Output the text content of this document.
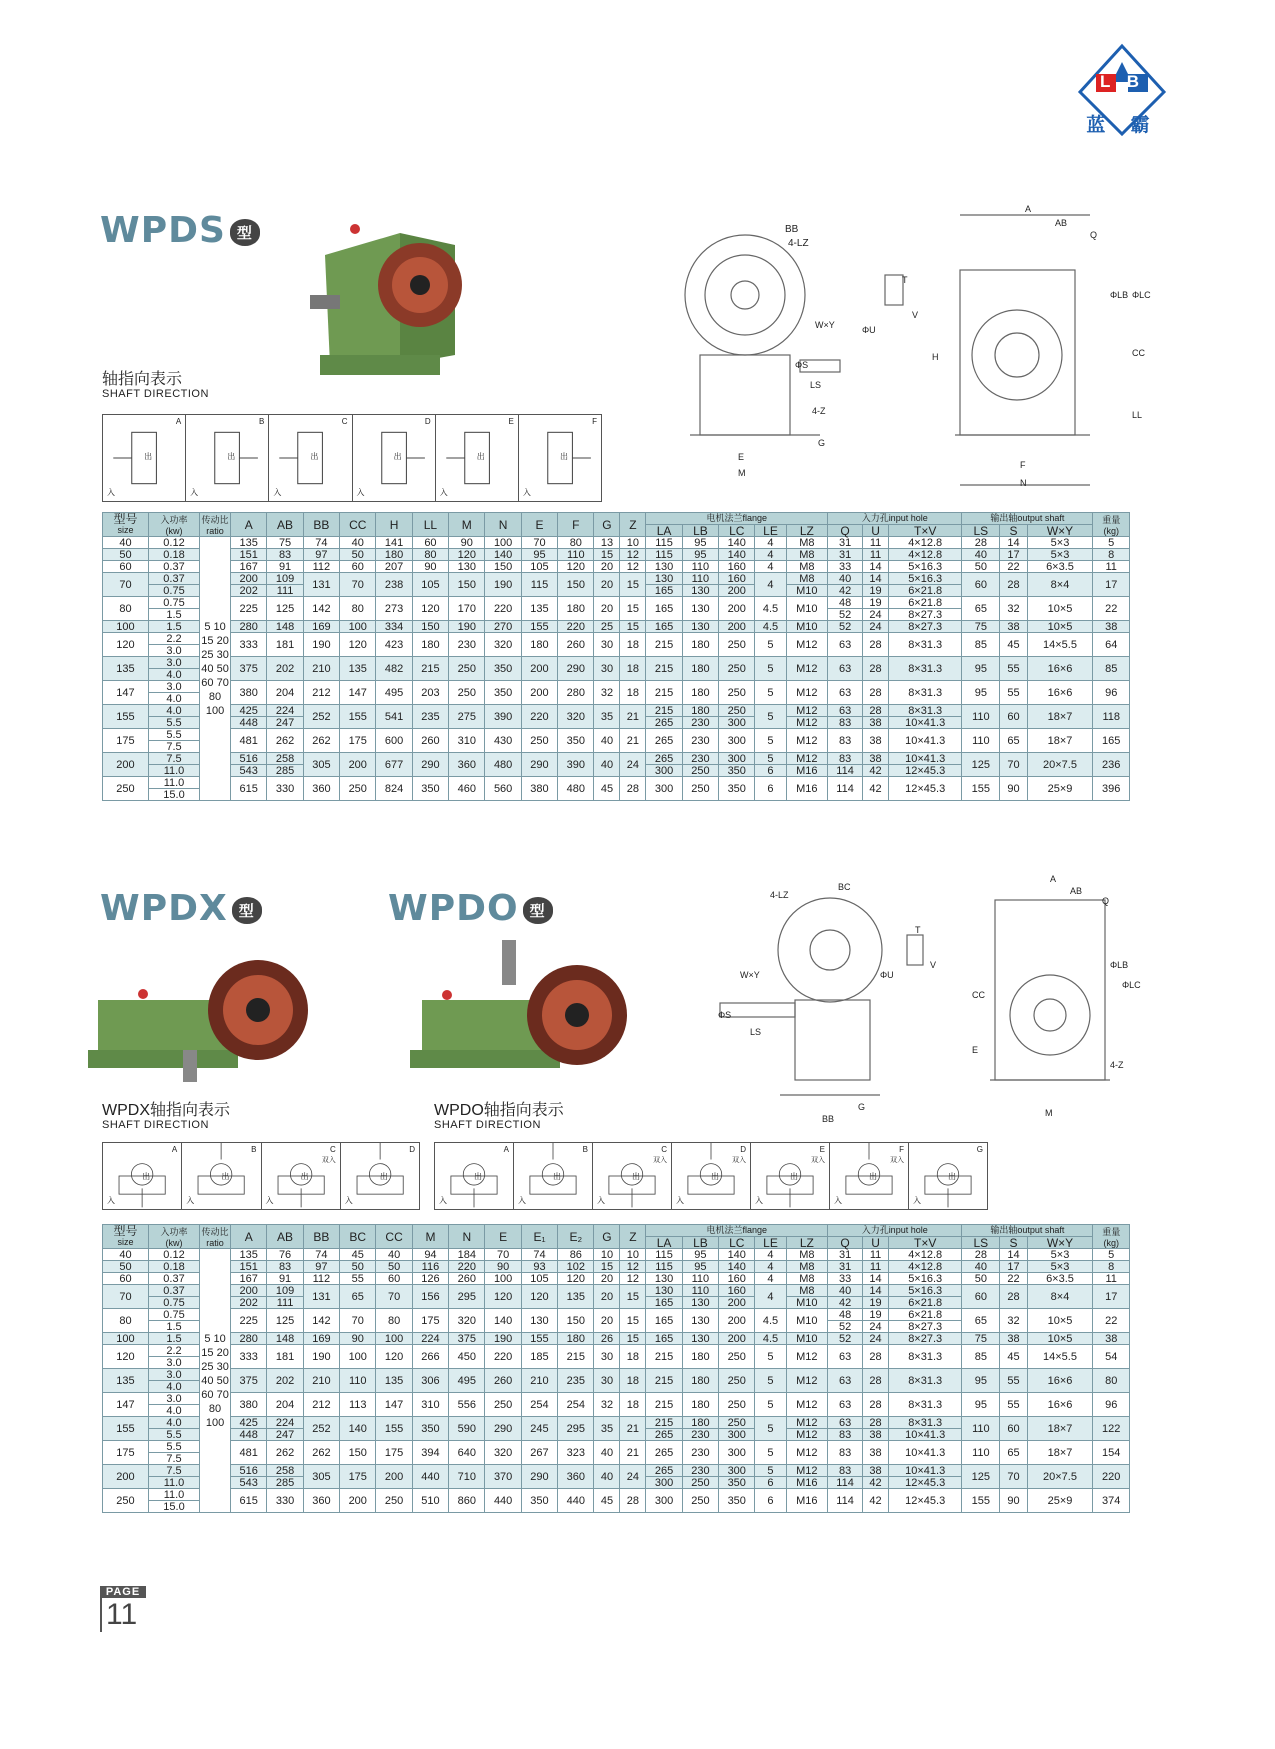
L B
蓝 霸
WPDS 型
轴指向表示
SHAFT DIRECTION
A
入
出
B
入
出
C
入
出
D
入
出
E
入
出
F
入
出
BB
4-LZ
W×Y	ΦU
T
V
ΦS
LS
4-Z
G
E
M
A
AB
Q
H
ΦLB ΦLC
CC
LL
F
N
型号
size	入功率
(kw)	传动比
ratio	A	AB	BB	CC	H	LL	M	N	E	F	G	Z	电机法兰flange					入力孔input hole			输出轴output shaft			重量
(kg)
															LA	LB	LC	LE	LZ	Q	U	T×V	LS	S	W×Y	
40	0.12	5 10 15 20 25 30 40 50 60 70 80 100	135	75	74	40	141	60	90	100	70	80	13	10	115	95	140	4	M8	31	11	4×12.8	28	14	5×3	5
50	0.18		151	83	97	50	180	80	120	140	95	110	15	12	115	95	140	4	M8	31	11	4×12.8	40	17	5×3	8
60	0.37		167	91	112	60	207	90	130	150	105	120	20	12	130	110	160	4	M8	33	14	5×16.3	50	22	6×3.5	11
70	0.37		200	109	131	70	238	105	150	190	115	150	20	15	130	110	160	4	M8	40	14	5×16.3	60	28	8×4	17
	0.75		202	111											165	130	200		M10	42	19	6×21.8				
80	0.75		225	125	142	80	273	120	170	220	135	180	20	15	165	130	200	4.5	M10	48	19	6×21.8	65	32	10×5	22
	1.5																			52	24	8×27.3				
100	1.5		280	148	169	100	334	150	190	270	155	220	25	15	165	130	200	4.5	M10	52	24	8×27.3	75	38	10×5	38
120	2.2		333	181	190	120	423	180	230	320	180	260	30	18	215	180	250	5	M12	63	28	8×31.3	85	45	14×5.5	64
	3.0																									
135	3.0		375	202	210	135	482	215	250	350	200	290	30	18	215	180	250	5	M12	63	28	8×31.3	95	55	16×6	85
	4.0																									
147	3.0		380	204	212	147	495	203	250	350	200	280	32	18	215	180	250	5	M12	63	28	8×31.3	95	55	16×6	96
	4.0																									
155	4.0		425	224	252	155	541	235	275	390	220	320	35	21	215	180	250	5	M12	63	28	8×31.3	110	60	18×7	118
	5.5		448	247											265	230	300		M12	83	38	10×41.3				
175	5.5		481	262	262	175	600	260	310	430	250	350	40	21	265	230	300	5	M12	83	38	10×41.3	110	65	18×7	165
	7.5																									
200	7.5		516	258	305	200	677	290	360	480	290	390	40	24	265	230	300	5	M12	83	38	10×41.3	125	70	20×7.5	236
	11.0		543	285											300	250	350	6	M16	114	42	12×45.3				
250	11.0		615	330	360	250	824	350	460	560	380	480	45	28	300	250	350	6	M16	114	42	12×45.3	155	90	25×9	396
	15.0																									
WPDX 型	WPDO 型
BC
4-LZ
W×Y	ΦU
T
V
ΦS
LS
G
BB
A
AB
Q
ΦLB
ΦLC
CC
E
4-Z
M
WPDX轴指向表示
SHAFT DIRECTION
WPDO轴指向表示
SHAFT DIRECTION
A
入
出
B
入
出
C
入
出
双入
D
入
出
A
入
出
B
入
出
C
入
出
双入
D
入
出
双入
E
入
出
双入
F
入
出
双入
G
入
出
型号
size	入功率
(kw)	传动比
ratio	A	AB	BB	BC	CC	M	N	E	E₁	E₂	G	Z	电机法兰flange					入力孔input hole			输出轴output shaft			重量
(kg)
															LA	LB	LC	LE	LZ	Q	U	T×V	LS	S	W×Y	
40	0.12	5 10 15 20 25 30 40 50 60 70 80 100	135	76	74	45	40	94	184	70	74	86	10	10	115	95	140	4	M8	31	11	4×12.8	28	14	5×3	5
50	0.18		151	83	97	50	50	116	220	90	93	102	15	12	115	95	140	4	M8	31	11	4×12.8	40	17	5×3	8
60	0.37		167	91	112	55	60	126	260	100	105	120	20	12	130	110	160	4	M8	33	14	5×16.3	50	22	6×3.5	11
70	0.37		200	109	131	65	70	156	295	120	120	135	20	15	130	110	160	4	M8	40	14	5×16.3	60	28	8×4	17
	0.75		202	111											165	130	200		M10	42	19	6×21.8				
80	0.75		225	125	142	70	80	175	320	140	130	150	20	15	165	130	200	4.5	M10	48	19	6×21.8	65	32	10×5	22
	1.5																			52	24	8×27.3				
100	1.5		280	148	169	90	100	224	375	190	155	180	26	15	165	130	200	4.5	M10	52	24	8×27.3	75	38	10×5	38
120	2.2		333	181	190	100	120	266	450	220	185	215	30	18	215	180	250	5	M12	63	28	8×31.3	85	45	14×5.5	54
	3.0																									
135	3.0		375	202	210	110	135	306	495	260	210	235	30	18	215	180	250	5	M12	63	28	8×31.3	95	55	16×6	80
	4.0																									
147	3.0		380	204	212	113	147	310	556	250	254	254	32	18	215	180	250	5	M12	63	28	8×31.3	95	55	16×6	96
	4.0																									
155	4.0		425	224	252	140	155	350	590	290	245	295	35	21	215	180	250	5	M12	63	28	8×31.3	110	60	18×7	122
	5.5		448	247											265	230	300		M12	83	38	10×41.3				
175	5.5		481	262	262	150	175	394	640	320	267	323	40	21	265	230	300	5	M12	83	38	10×41.3	110	65	18×7	154
	7.5																									
200	7.5		516	258	305	175	200	440	710	370	290	360	40	24	265	230	300	5	M12	83	38	10×41.3	125	70	20×7.5	220
	11.0		543	285											300	250	350	6	M16	114	42	12×45.3				
250	11.0		615	330	360	200	250	510	860	440	350	440	45	28	300	250	350	6	M16	114	42	12×45.3	155	90	25×9	374
	15.0																									
PAGE
11
